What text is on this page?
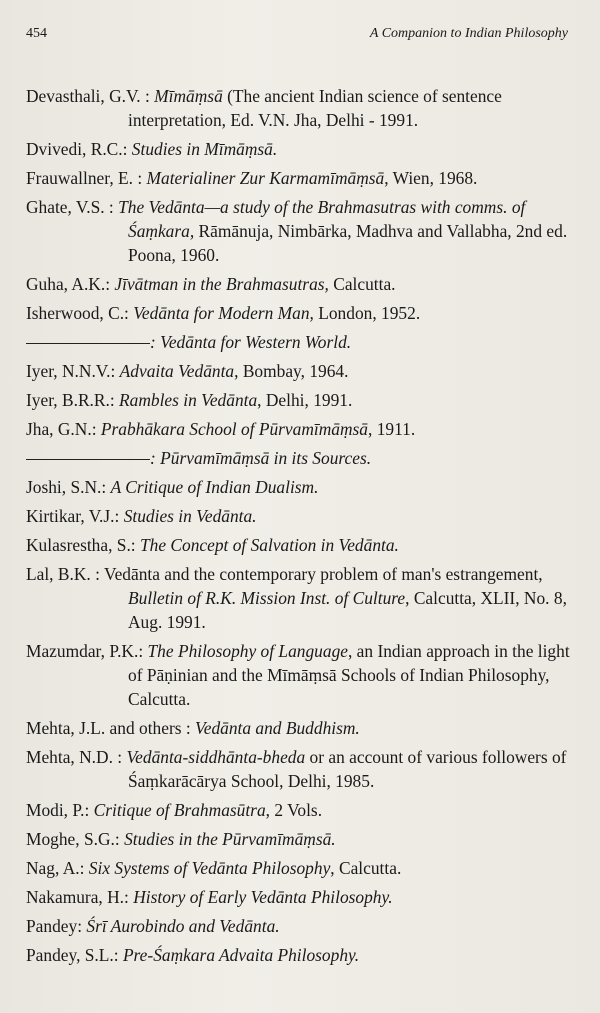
454	A Companion to Indian Philosophy

Devasthali, G.V. : Mīmāṃsā (The ancient Indian science of sentence interpretation, Ed. V.N. Jha, Delhi - 1991.

Dvivedi, R.C.: Studies in Mīmāṃsā.

Frauwallner, E. : Materialiner Zur Karmamīmāṃsā, Wien, 1968.

Ghate, V.S. : The Vedānta—a study of the Brahmasutras with comms. of Śaṃkara, Rāmānuja, Nimbārka, Madhva and Vallabha, 2nd ed. Poona, 1960.

Guha, A.K.: Jīvātman in the Brahmasutras, Calcutta.

Isherwood, C.: Vedānta for Modern Man, London, 1952.

: Vedānta for Western World.

Iyer, N.N.V.: Advaita Vedānta, Bombay, 1964.

Iyer, B.R.R.: Rambles in Vedānta, Delhi, 1991.

Jha, G.N.: Prabhākara School of Pūrvamīmāṃsā, 1911.

: Pūrvamīmāṃsā in its Sources.

Joshi, S.N.: A Critique of Indian Dualism.

Kirtikar, V.J.: Studies in Vedānta.

Kulasrestha, S.: The Concept of Salvation in Vedānta.

Lal, B.K. : Vedānta and the contemporary problem of man's estrangement, Bulletin of R.K. Mission Inst. of Culture, Calcutta, XLII, No. 8, Aug. 1991.

Mazumdar, P.K.: The Philosophy of Language, an Indian approach in the light of Pāṇinian and the Mīmāṃsā Schools of Indian Philosophy, Calcutta.

Mehta, J.L. and others : Vedānta and Buddhism.

Mehta, N.D. : Vedānta-siddhānta-bheda or an account of various followers of Śaṃkarācārya School, Delhi, 1985.

Modi, P.: Critique of Brahmasūtra, 2 Vols.

Moghe, S.G.: Studies in the Pūrvamīmāṃsā.

Nag, A.: Six Systems of Vedānta Philosophy, Calcutta.

Nakamura, H.: History of Early Vedānta Philosophy.

Pandey: Śrī Aurobindo and Vedānta.

Pandey, S.L.: Pre-Śaṃkara Advaita Philosophy.
